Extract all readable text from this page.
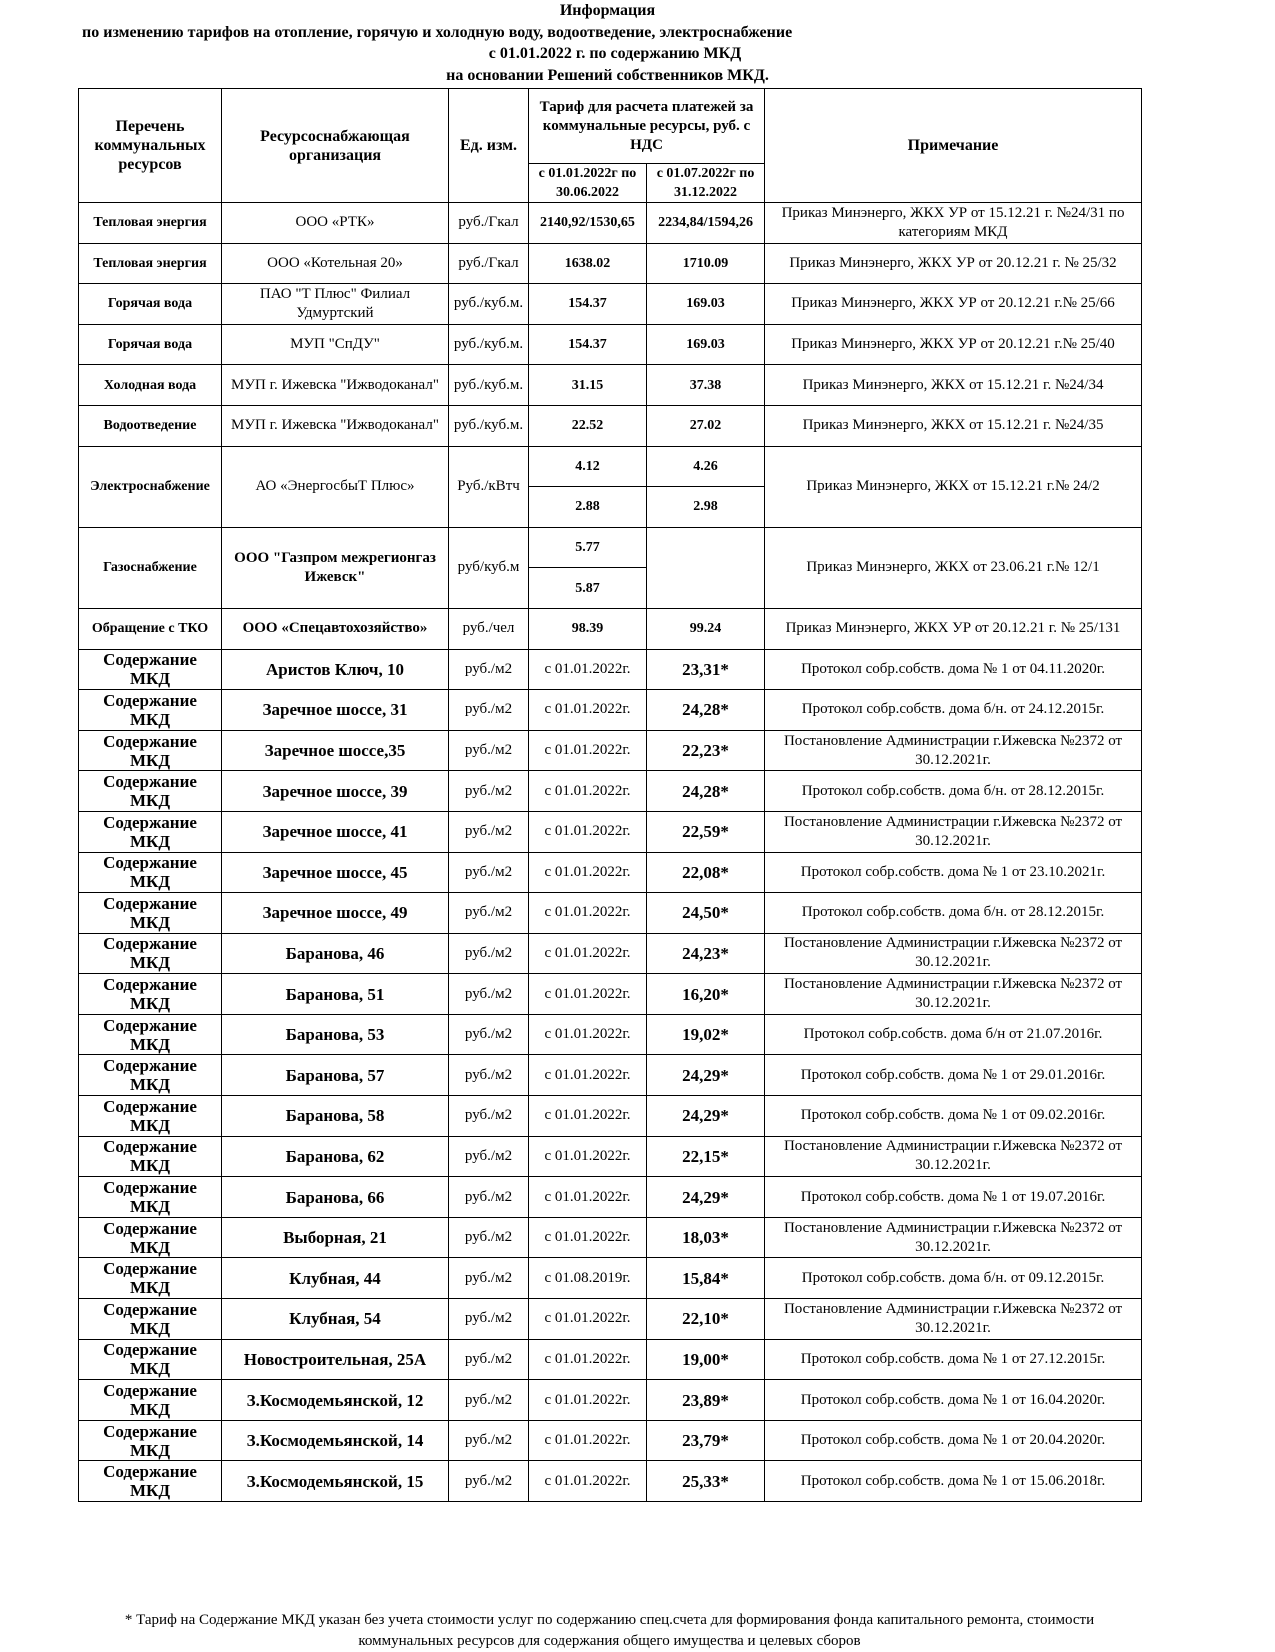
Информация
по изменению тарифов на отопление, горячую и холодную воду, водоотведение, электроснабжение
с 01.01.2022 г. по содержанию МКД
на основании Решений собственников МКД.
Перечень коммунальных ресурсов	Ресурсоснабжающая организация	Ед. изм.	Тариф для расчета платежей за коммунальные ресурсы, руб. с НДС		Примечание
			с 01.01.2022г по 30.06.2022	с 01.07.2022г по 31.12.2022	
Тепловая энергия	ООО «РТК»	руб./Гкал	2140,92/1530,65	2234,84/1594,26	Приказ Минэнерго, ЖКХ УР от 15.12.21 г. №24/31 по категориям МКД
Тепловая энергия	ООО «Котельная 20»	руб./Гкал	1638.02	1710.09	Приказ Минэнерго, ЖКХ УР от 20.12.21 г. № 25/32
Горячая вода	ПАО "Т Плюс" Филиал Удмуртский	руб./куб.м.	154.37	169.03	Приказ Минэнерго, ЖКХ УР от 20.12.21 г.№ 25/66
Горячая вода	МУП "СпДУ"	руб./куб.м.	154.37	169.03	Приказ Минэнерго, ЖКХ УР от 20.12.21 г.№ 25/40
Холодная вода	МУП г. Ижевска "Ижводоканал"	руб./куб.м.	31.15	37.38	Приказ Минэнерго, ЖКХ от 15.12.21 г. №24/34
Водоотведение	МУП г. Ижевска "Ижводоканал"	руб./куб.м.	22.52	27.02	Приказ Минэнерго, ЖКХ от 15.12.21 г. №24/35
Электроснабжение	АО «ЭнергосбыТ Плюс»	Руб./кВтч	4.12	4.26	Приказ Минэнерго, ЖКХ от 15.12.21 г.№ 24/2
			2.88	2.98	
Газоснабжение	ООО "Газпром межрегионгаз Ижевск"	руб/куб.м	5.77		Приказ Минэнерго, ЖКХ от 23.06.21 г.№ 12/1
			5.87		
Обращение с ТКО	ООО «Спецавтохозяйство»	руб./чел	98.39	99.24	Приказ Минэнерго, ЖКХ УР от 20.12.21 г. № 25/131
Содержание МКД	Аристов Ключ, 10	руб./м2	с 01.01.2022г.	23,31*	Протокол собр.собств. дома № 1 от 04.11.2020г.
Содержание МКД	Заречное шоссе, 31	руб./м2	с 01.01.2022г.	24,28*	Протокол собр.собств. дома б/н. от 24.12.2015г.
Содержание МКД	Заречное шоссе,35	руб./м2	с 01.01.2022г.	22,23*	Постановление Администрации г.Ижевска №2372 от 30.12.2021г.
Содержание МКД	Заречное шоссе, 39	руб./м2	с 01.01.2022г.	24,28*	Протокол собр.собств. дома б/н. от 28.12.2015г.
Содержание МКД	Заречное шоссе, 41	руб./м2	с 01.01.2022г.	22,59*	Постановление Администрации г.Ижевска №2372 от 30.12.2021г.
Содержание МКД	Заречное шоссе, 45	руб./м2	с 01.01.2022г.	22,08*	Протокол собр.собств. дома № 1 от 23.10.2021г.
Содержание МКД	Заречное шоссе, 49	руб./м2	с 01.01.2022г.	24,50*	Протокол собр.собств. дома б/н. от 28.12.2015г.
Содержание МКД	Баранова, 46	руб./м2	с 01.01.2022г.	24,23*	Постановление Администрации г.Ижевска №2372 от 30.12.2021г.
Содержание МКД	Баранова, 51	руб./м2	с 01.01.2022г.	16,20*	Постановление Администрации г.Ижевска №2372 от 30.12.2021г.
Содержание МКД	Баранова, 53	руб./м2	с 01.01.2022г.	19,02*	Протокол собр.собств. дома б/н от 21.07.2016г.
Содержание МКД	Баранова, 57	руб./м2	с 01.01.2022г.	24,29*	Протокол собр.собств. дома № 1 от 29.01.2016г.
Содержание МКД	Баранова, 58	руб./м2	с 01.01.2022г.	24,29*	Протокол собр.собств. дома № 1 от 09.02.2016г.
Содержание МКД	Баранова, 62	руб./м2	с 01.01.2022г.	22,15*	Постановление Администрации г.Ижевска №2372 от 30.12.2021г.
Содержание МКД	Баранова, 66	руб./м2	с 01.01.2022г.	24,29*	Протокол собр.собств. дома № 1 от 19.07.2016г.
Содержание МКД	Выборная, 21	руб./м2	с 01.01.2022г.	18,03*	Постановление Администрации г.Ижевска №2372 от 30.12.2021г.
Содержание МКД	Клубная, 44	руб./м2	с 01.08.2019г.	15,84*	Протокол собр.собств. дома б/н. от 09.12.2015г.
Содержание МКД	Клубная, 54	руб./м2	с 01.01.2022г.	22,10*	Постановление Администрации г.Ижевска №2372 от 30.12.2021г.
Содержание МКД	Новостроительная, 25А	руб./м2	с 01.01.2022г.	19,00*	Протокол собр.собств. дома № 1 от 27.12.2015г.
Содержание МКД	З.Космодемьянской, 12	руб./м2	с 01.01.2022г.	23,89*	Протокол собр.собств. дома № 1 от 16.04.2020г.
Содержание МКД	З.Космодемьянской, 14	руб./м2	с 01.01.2022г.	23,79*	Протокол собр.собств. дома № 1 от 20.04.2020г.
Содержание МКД	З.Космодемьянской, 15	руб./м2	с 01.01.2022г.	25,33*	Протокол собр.собств. дома № 1 от 15.06.2018г.
* Тариф на Содержание МКД указан без учета стоимости услуг по содержанию спец.счета для формирования фонда капитального ремонта, стоимости коммунальных ресурсов для содержания общего имущества и целевых сборов
